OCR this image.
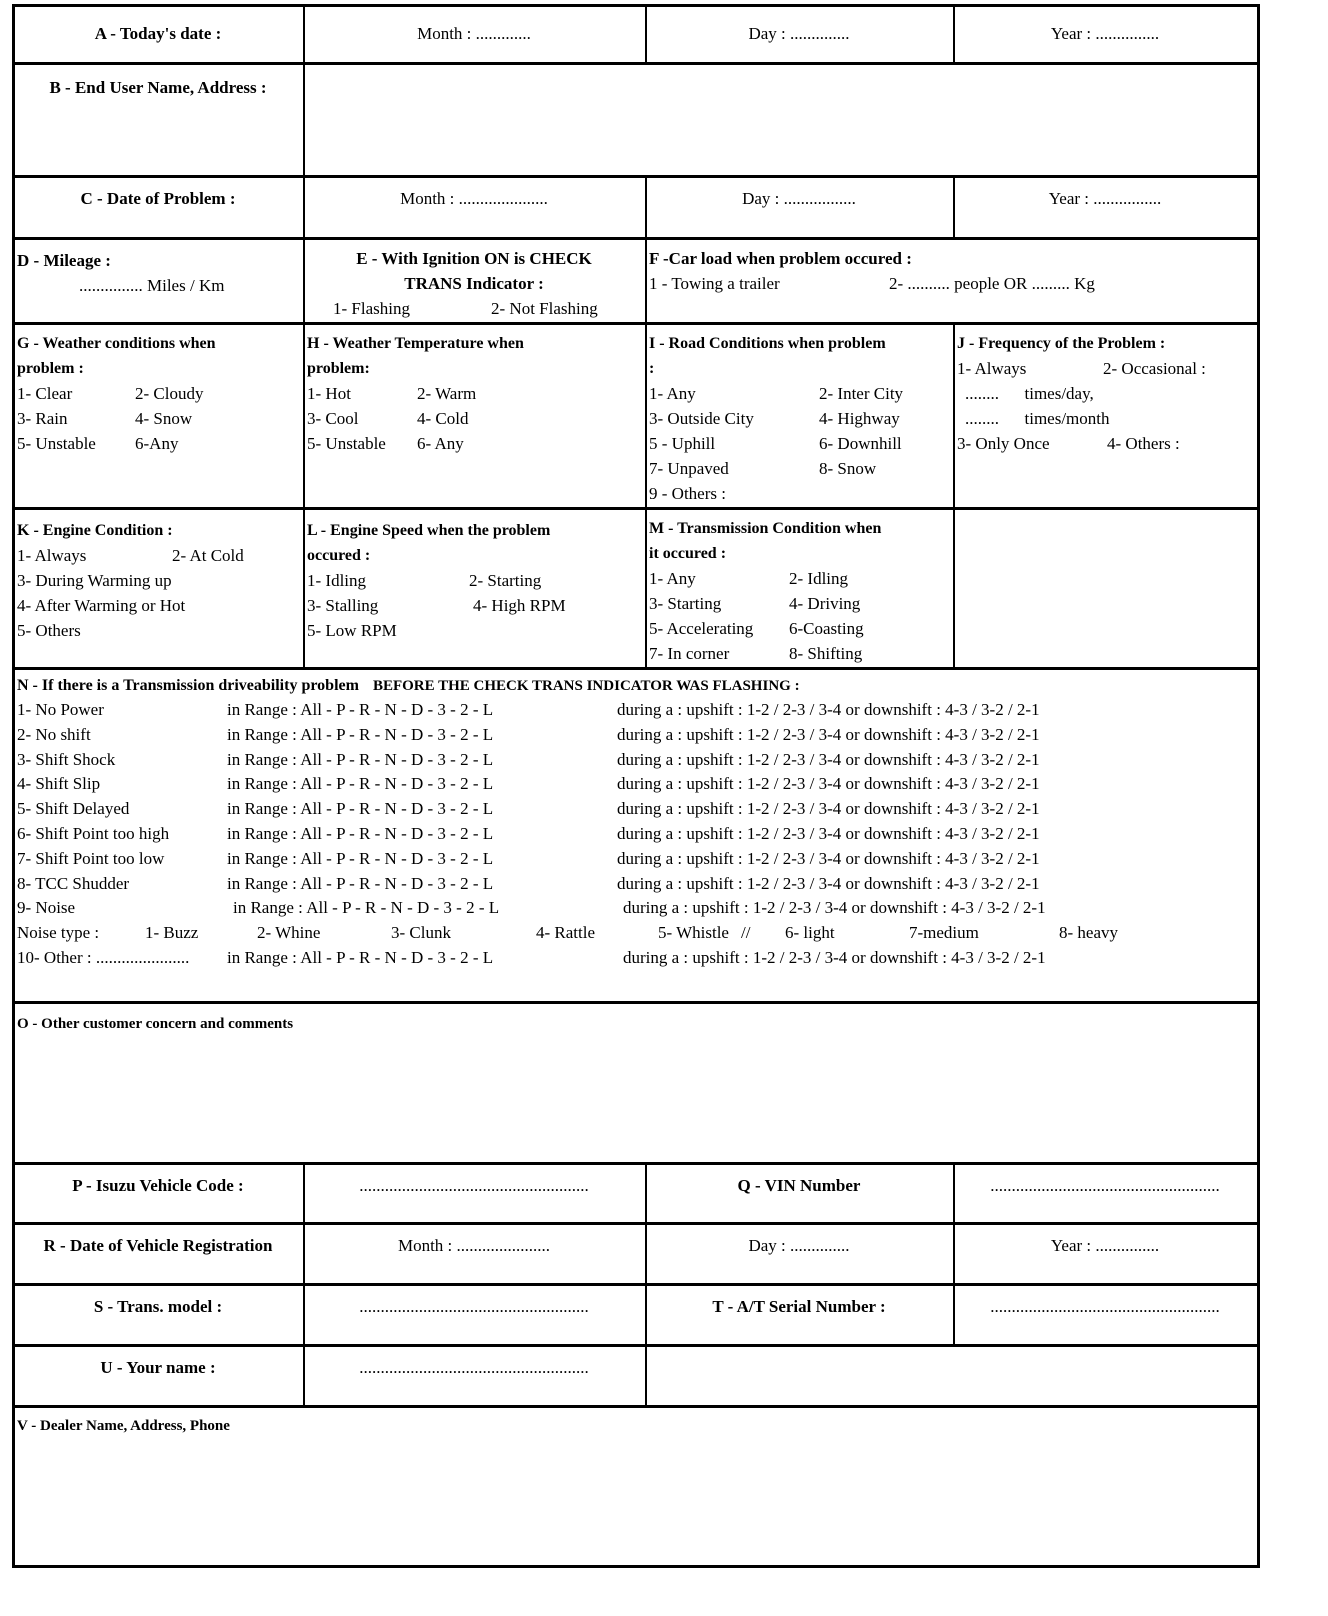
A - Today's date :	Month : .............	Day : ..............	Year : ...............
B - End User Name, Address :
C - Date of Problem :	Month : .....................	Day : .................	Year : ................
D - Mileage :
............... Miles / Km
E - With Ignition ON is CHECK
TRANS Indicator :
1- Flashing	2- Not Flashing
F -Car load when problem occured :
1 - Towing a trailer	2- .......... people OR ......... Kg
G - Weather conditions when
problem :
1- Clear	2- Cloudy
3- Rain	4- Snow
5- Unstable	6-Any
H - Weather Temperature when
problem:
1- Hot	2- Warm
3- Cool	4- Cold
5- Unstable	6- Any
I - Road Conditions when problem
:
1- Any	2- Inter City
3- Outside City	4- Highway
5 - Uphill	6- Downhill
7- Unpaved	8- Snow
9 - Others :
J - Frequency of the Problem :
1- Always	2- Occasional :
........      times/day,
........      times/month
3- Only Once	4- Others :
K - Engine Condition :
1- Always	2- At Cold
3- During Warming up
4- After Warming or Hot
5- Others
L - Engine Speed when the problem
occured :
1- Idling	2- Starting
3- Stalling	4- High RPM
5- Low RPM
M - Transmission Condition when
it occured :
1- Any	2- Idling
3- Starting	4- Driving
5- Accelerating	6-Coasting
7- In corner	8- Shifting
N - If there is a Transmission driveability problem BEFORE THE CHECK TRANS INDICATOR WAS FLASHING :
1- No Power	in Range : All - P - R - N - D - 3 - 2 - L	during a : upshift : 1-2 / 2-3 / 3-4 or downshift : 4-3 / 3-2 / 2-1
2- No shift	in Range : All - P - R - N - D - 3 - 2 - L	during a : upshift : 1-2 / 2-3 / 3-4 or downshift : 4-3 / 3-2 / 2-1
3- Shift Shock	in Range : All - P - R - N - D - 3 - 2 - L	during a : upshift : 1-2 / 2-3 / 3-4 or downshift : 4-3 / 3-2 / 2-1
4- Shift Slip	in Range : All - P - R - N - D - 3 - 2 - L	during a : upshift : 1-2 / 2-3 / 3-4 or downshift : 4-3 / 3-2 / 2-1
5- Shift Delayed	in Range : All - P - R - N - D - 3 - 2 - L	during a : upshift : 1-2 / 2-3 / 3-4 or downshift : 4-3 / 3-2 / 2-1
6- Shift Point too high	in Range : All - P - R - N - D - 3 - 2 - L	during a : upshift : 1-2 / 2-3 / 3-4 or downshift : 4-3 / 3-2 / 2-1
7- Shift Point too low	in Range : All - P - R - N - D - 3 - 2 - L	during a : upshift : 1-2 / 2-3 / 3-4 or downshift : 4-3 / 3-2 / 2-1
8- TCC Shudder	in Range : All - P - R - N - D - 3 - 2 - L	during a : upshift : 1-2 / 2-3 / 3-4 or downshift : 4-3 / 3-2 / 2-1
9- Noise	in Range : All - P - R - N - D - 3 - 2 - L	during a : upshift : 1-2 / 2-3 / 3-4 or downshift : 4-3 / 3-2 / 2-1
Noise type :	1- Buzz	2- Whine	3- Clunk	4- Rattle	5- Whistle //	6- light	7-medium	8- heavy
10- Other : ......................	in Range : All - P - R - N - D - 3 - 2 - L	during a : upshift : 1-2 / 2-3 / 3-4 or downshift : 4-3 / 3-2 / 2-1
O - Other customer concern and comments
P - Isuzu Vehicle Code :	......................................................	Q - VIN Number	......................................................
R - Date of Vehicle Registration	Month : ......................	Day : ..............	Year : ...............
S - Trans. model :	......................................................	T - A/T Serial Number :	......................................................
U - Your name :	......................................................
V - Dealer Name, Address, Phone
